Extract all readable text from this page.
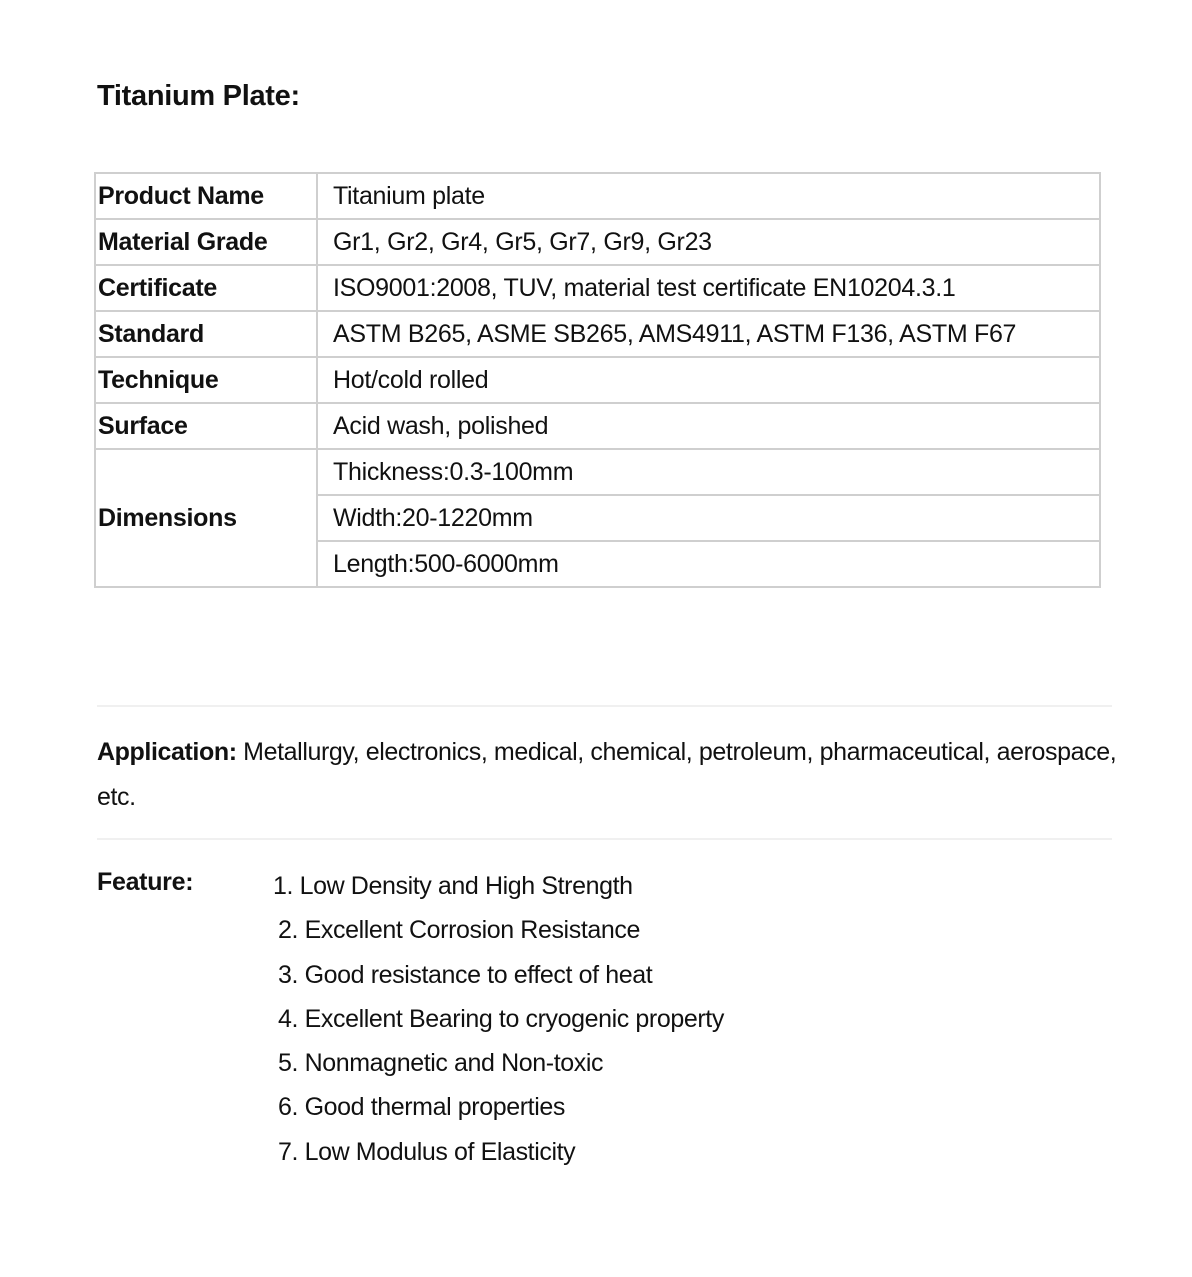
Titanium Plate:
Product Name	Titanium plate
Material Grade	Gr1, Gr2, Gr4, Gr5, Gr7, Gr9, Gr23
Certificate	ISO9001:2008, TUV, material test certificate EN10204.3.1
Standard	ASTM B265, ASME SB265, AMS4911, ASTM F136, ASTM F67
Technique	Hot/cold rolled
Surface	Acid wash, polished
Dimensions	Thickness:0.3-100mm
	Width:20-1220mm
	Length:500-6000mm
Application: Metallurgy, electronics, medical, chemical, petroleum, pharmaceutical, aerospace, etc.
Feature:	1. Low Density and High Strength
2. Excellent Corrosion Resistance
3. Good resistance to effect of heat
4. Excellent Bearing to cryogenic property
5. Nonmagnetic and Non-toxic
6. Good thermal properties
7. Low Modulus of Elasticity
